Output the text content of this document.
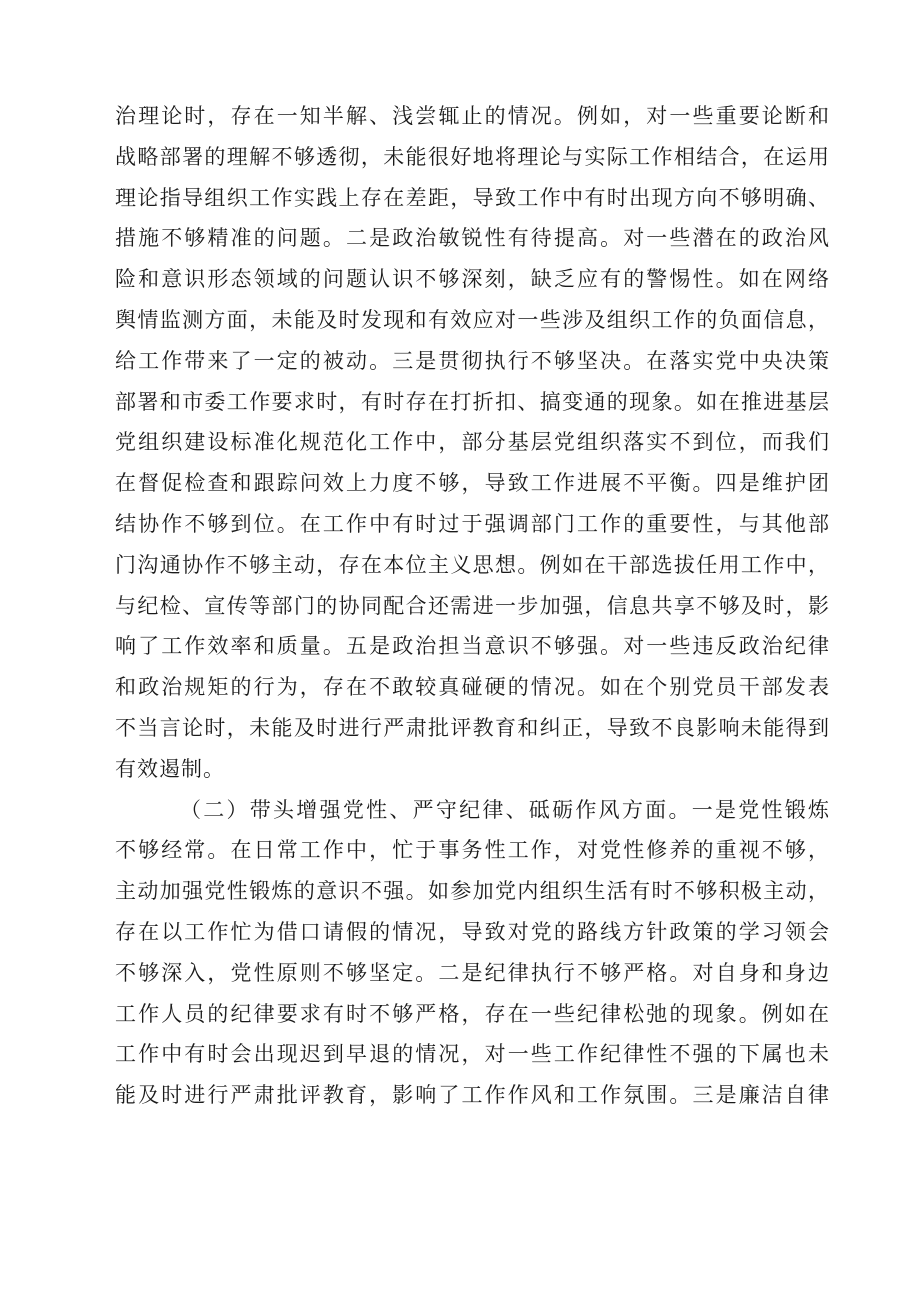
治理论时，存在一知半解、浅尝辄止的情况。例如，对一些重要论断和
战略部署的理解不够透彻，未能很好地将理论与实际工作相结合，在运用
理论指导组织工作实践上存在差距，导致工作中有时出现方向不够明确、
措施不够精准的问题。二是政治敏锐性有待提高。对一些潜在的政治风
险和意识形态领域的问题认识不够深刻，缺乏应有的警惕性。如在网络
舆情监测方面，未能及时发现和有效应对一些涉及组织工作的负面信息，
给工作带来了一定的被动。三是贯彻执行不够坚决。在落实党中央决策
部署和市委工作要求时，有时存在打折扣、搞变通的现象。如在推进基层
党组织建设标准化规范化工作中，部分基层党组织落实不到位，而我们
在督促检查和跟踪问效上力度不够，导致工作进展不平衡。四是维护团
结协作不够到位。在工作中有时过于强调部门工作的重要性，与其他部
门沟通协作不够主动，存在本位主义思想。例如在干部选拔任用工作中，
与纪检、宣传等部门的协同配合还需进一步加强，信息共享不够及时，影
响了工作效率和质量。五是政治担当意识不够强。对一些违反政治纪律
和政治规矩的行为，存在不敢较真碰硬的情况。如在个别党员干部发表
不当言论时，未能及时进行严肃批评教育和纠正，导致不良影响未能得到
有效遏制。
（二）带头增强党性、严守纪律、砥砺作风方面。一是党性锻炼
不够经常。在日常工作中，忙于事务性工作，对党性修养的重视不够，
主动加强党性锻炼的意识不强。如参加党内组织生活有时不够积极主动，
存在以工作忙为借口请假的情况，导致对党的路线方针政策的学习领会
不够深入，党性原则不够坚定。二是纪律执行不够严格。对自身和身边
工作人员的纪律要求有时不够严格，存在一些纪律松弛的现象。例如在
工作中有时会出现迟到早退的情况，对一些工作纪律性不强的下属也未
能及时进行严肃批评教育，影响了工作作风和工作氛围。三是廉洁自律
